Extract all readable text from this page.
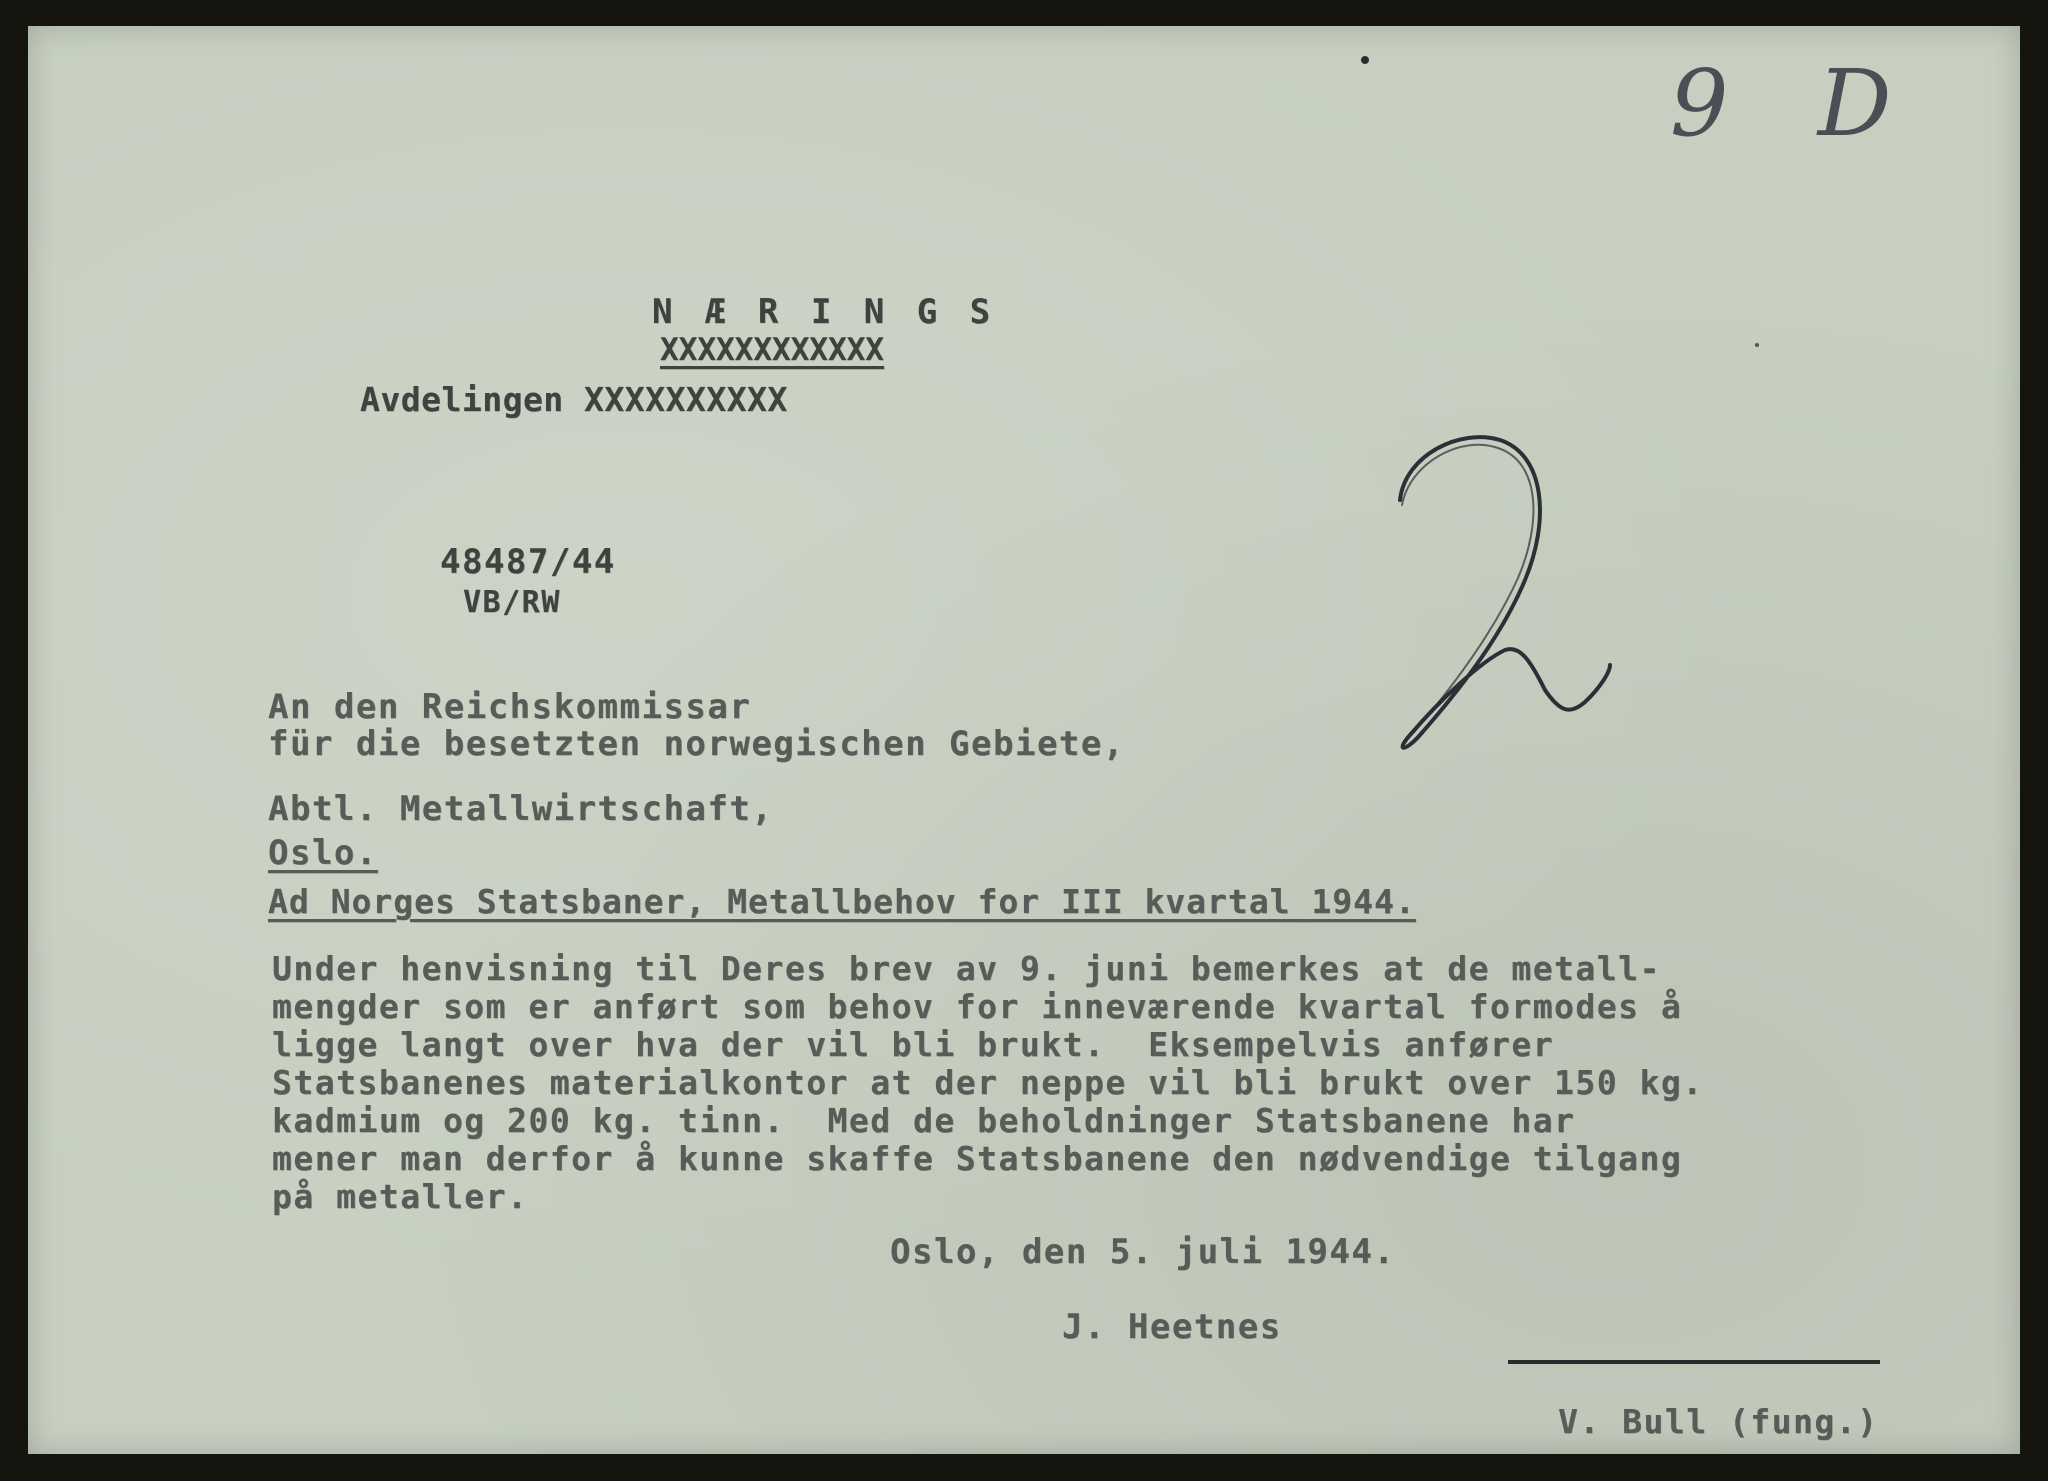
9 D
N Æ R I N G S
XXXXXXXXXXXX
Avdelingen XXXXXXXXXX
48487/44
VB/RW
An den Reichskommissar
für die besetzten norwegischen Gebiete,
Abtl. Metallwirtschaft,
Oslo.
Ad Norges Statsbaner, Metallbehov for III kvartal 1944.
Under henvisning til Deres brev av 9. juni bemerkes at de metall-
mengder som er anført som behov for inneværende kvartal formodes å
ligge langt over hva der vil bli brukt.  Eksempelvis anfører
Statsbanenes materialkontor at der neppe vil bli brukt over 150 kg.
kadmium og 200 kg. tinn.  Med de beholdninger Statsbanene har
mener man derfor å kunne skaffe Statsbanene den nødvendige tilgang
på metaller.
Oslo, den 5. juli 1944.
J. Heetnes
V. Bull (fung.)
